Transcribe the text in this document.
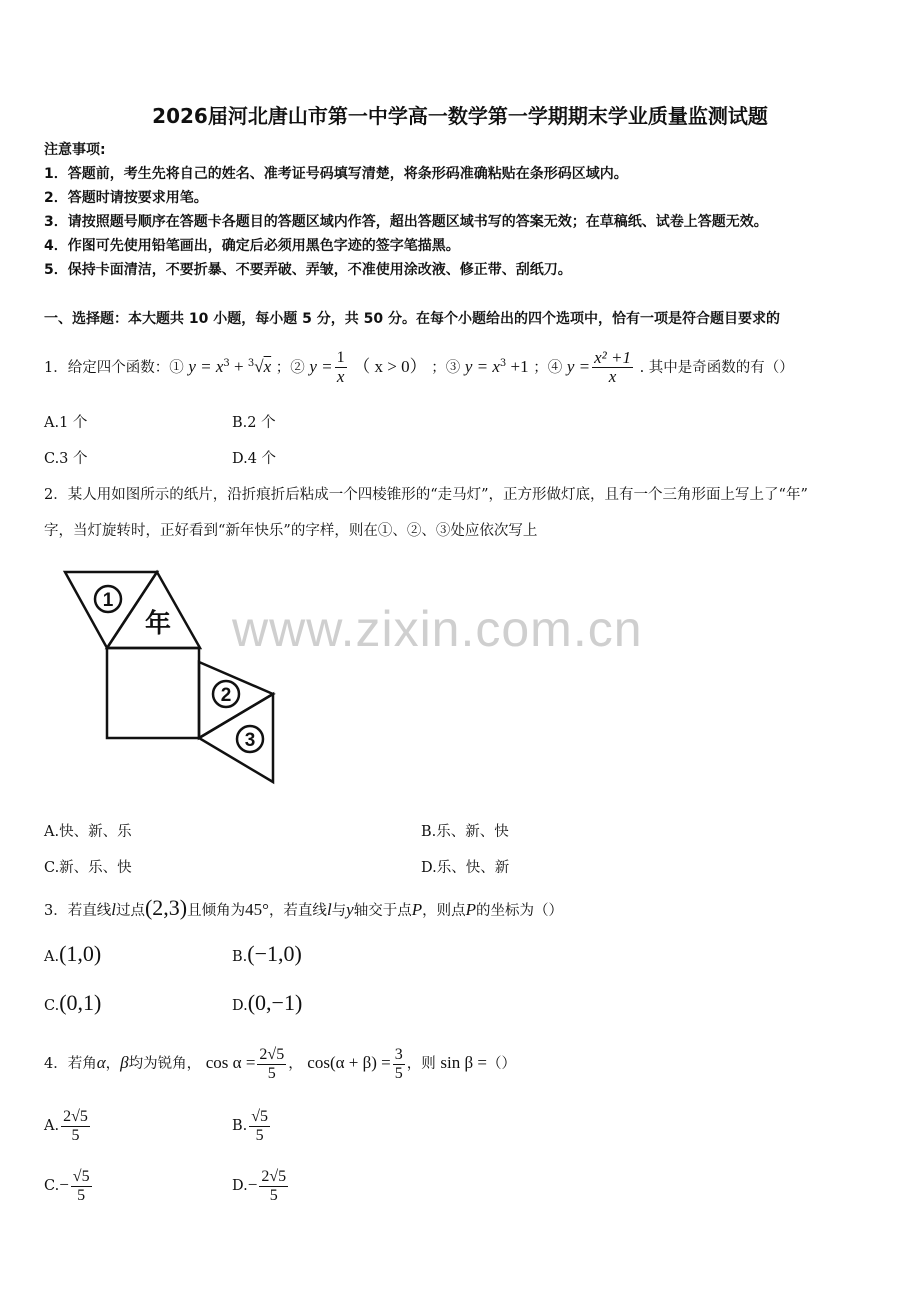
2026届河北唐山市第一中学高一数学第一学期期末学业质量监测试题
注意事项:
1．答题前，考生先将自己的姓名、准考证号码填写清楚，将条形码准确粘贴在条形码区域内。
2．答题时请按要求用笔。
3．请按照题号顺序在答题卡各题目的答题区域内作答，超出答题区域书写的答案无效；在草稿纸、试卷上答题无效。
4．作图可先使用铅笔画出，确定后必须用黑色字迹的签字笔描黑。
5．保持卡面清洁，不要折暴、不要弄破、弄皱，不准使用涂改液、修正带、刮纸刀。
一、选择题：本大题共 10 小题，每小题 5 分，共 50 分。在每个小题给出的四个选项中，恰有一项是符合题目要求的
1．给定四个函数：① $y = x^3 + ^3√x$ ；② $y = \frac{1}{x}$ （ x > 0） ；③ $y = x^3 +1$ ；④ $y = \frac{\text{x² +1}}{x}$ . 其中是奇函数的有（）
A.1 个	B.2 个
C.3 个	D.4 个
2．某人用如图所示的纸片，沿折痕折后粘成一个四棱锥形的“走马灯”，正方形做灯底，且有一个三角形面上写上了“年”
字，当灯旋转时，正好看到“新年快乐”的字样，则在①、②、③处应依次写上
1
年
2
3
www.zixin.com.cn
A.快、新、乐	B.乐、新、快
C.新、乐、快	D.乐、快、新
3．若直线l过点(2,3)且倾角为45°，若直线l与y轴交于点P，则点P的坐标为（）
A.(1,0)	B.(−1,0)
C.(0,1)	D.(0,−1)
4．若角α，β均为锐角， $\cos \alpha = \frac{2√5}{5}$ ， $\cos(\alpha + \beta) = \frac{3}{5}$ ，则 sin β =（）
A. $\frac{2√5}{5}$	B. $\frac{√5}{5}$
$C.- \frac{√5}{5}$	$D.- \frac{2√5}{5}$
